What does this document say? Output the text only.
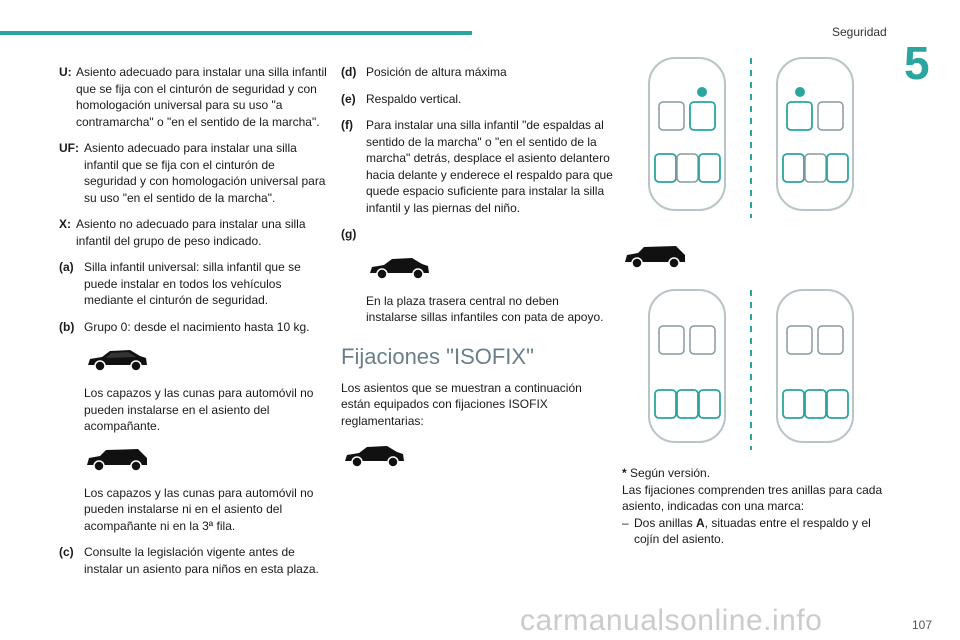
Seguridad
5
U: Asiento adecuado para instalar una silla infantil que se fija con el cinturón de seguridad y con homologación universal para su uso "a contramarcha" o "en el sentido de la marcha".
UF: Asiento adecuado para instalar una silla infantil que se fija con el cinturón de seguridad y con homologación universal para su uso "en el sentido de la marcha".
X: Asiento no adecuado para instalar una silla infantil del grupo de peso indicado.
(a) Silla infantil universal: silla infantil que se puede instalar en todos los vehículos mediante el cinturón de seguridad.
(b) Grupo 0: desde el nacimiento hasta 10 kg.
Los capazos y las cunas para automóvil no pueden instalarse en el asiento del acompañante.
Los capazos y las cunas para automóvil no pueden instalarse ni en el asiento del acompañante ni en la 3ª fila.
(c) Consulte la legislación vigente antes de instalar un asiento para niños en esta plaza.
(d) Posición de altura máxima
(e) Respaldo vertical.
(f)	Para instalar una silla infantil "de espaldas al sentido de la marcha" o "en el sentido de la marcha" detrás, desplace el asiento delantero hacia delante y enderece el respaldo para que quede espacio suficiente para instalar la silla infantil y las piernas del niño.
(g)
En la plaza trasera central no deben instalarse sillas infantiles con pata de apoyo.
Fijaciones "ISOFIX"
Los asientos que se muestran a continuación están equipados con fijaciones ISOFIX reglamentarias:
* Según versión.
Las fijaciones comprenden tres anillas para cada asiento, indicadas con una marca:
– Dos anillas A, situadas entre el respaldo y el cojín del asiento.
107
carmanualsonline.info
